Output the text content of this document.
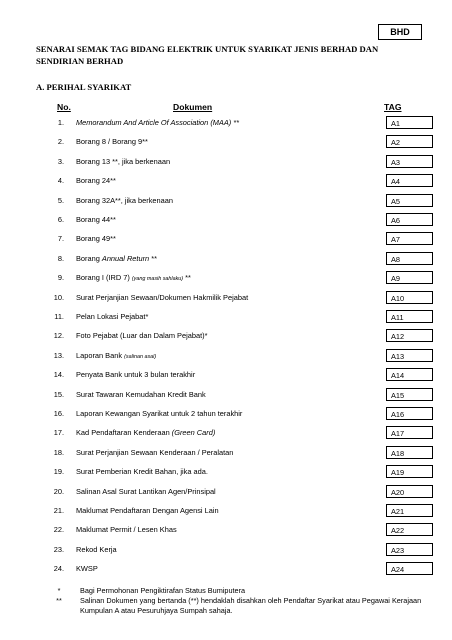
BHD
SENARAI SEMAK TAG BIDANG ELEKTRIK UNTUK SYARIKAT JENIS BERHAD DAN SENDIRIAN BERHAD
A. PERIHAL SYARIKAT
No.	Dokumen	TAG
1. Memorandum And Article Of Association (MAA) **	A1
2. Borang 8 / Borang 9**	A2
3. Borang 13 **, jika berkenaan	A3
4. Borang 24**	A4
5. Borang 32A**, jika berkenaan	A5
6. Borang 44**	A6
7. Borang 49**	A7
8. Borang Annual Return **	A8
9. Borang I (IRD 7) (yang masih sahlaku) **	A9
10. Surat Perjanjian Sewaan/Dokumen Hakmilik Pejabat	A10
11. Pelan Lokasi Pejabat*	A11
12. Foto Pejabat (Luar dan Dalam Pejabat)*	A12
13. Laporan Bank (salinan asal)	A13
14. Penyata Bank untuk 3 bulan terakhir	A14
15. Surat Tawaran Kemudahan Kredit Bank	A15
16. Laporan Kewangan Syarikat untuk 2 tahun terakhir	A16
17. Kad Pendaftaran Kenderaan (Green Card)	A17
18. Surat Perjanjian Sewaan Kenderaan / Peralatan	A18
19. Surat Pemberian Kredit Bahan, jika ada.	A19
20. Salinan Asal Surat Lantikan Agen/Prinsipal	A20
21. Maklumat Pendaftaran Dengan Agensi Lain	A21
22. Maklumat Permit / Lesen Khas	A22
23. Rekod Kerja	A23
24. KWSP	A24
*	Bagi Permohonan Pengiktirafan Status Bumiputera
**	Salinan Dokumen yang bertanda (**) hendaklah disahkan oleh Pendaftar Syarikat atau Pegawai Kerajaan Kumpulan A atau Pesuruhjaya Sumpah sahaja.
